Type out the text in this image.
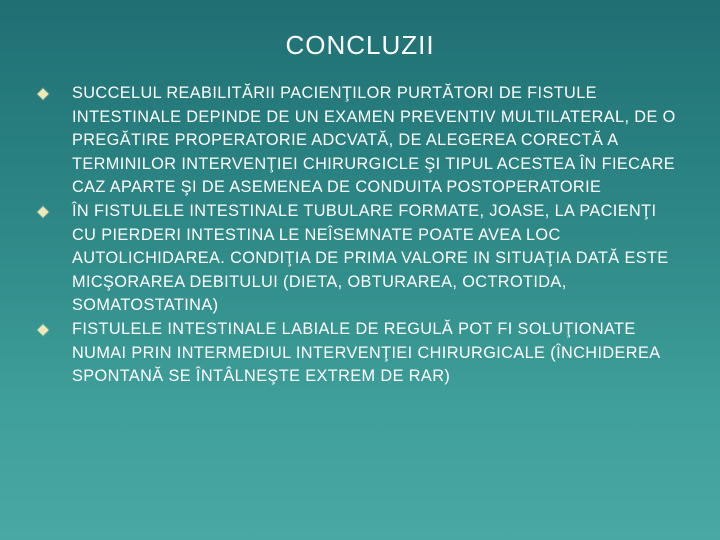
CONCLUZII
SUCCELUL REABILITĂRII PACIENŢILOR PURTĂTORI DE FISTULE INTESTINALE DEPINDE DE UN EXAMEN PREVENTIV MULTILATERAL, DE O PREGĂTIRE PROPERATORIE ADCVATĂ, DE ALEGEREA CORECTĂ A TERMINILOR INTERVENŢIEI CHIRURGICLE ŞI TIPUL ACESTEA ÎN FIECARE CAZ APARTE ŞI DE ASEMENEA DE CONDUITA POSTOPERATORIE
ÎN FISTULELE INTESTINALE TUBULARE FORMATE, JOASE, LA PACIENŢI CU PIERDERI INTESTINA LE NEÎSEMNATE POATE AVEA LOC AUTOLICHIDAREA. CONDIŢIA DE PRIMA VALORE IN SITUAŢIA DATĂ ESTE MICŞORAREA DEBITULUI (DIETA, OBTURAREA, OCTROTIDA, SOMATOSTATINA)
FISTULELE INTESTINALE LABIALE DE REGULĂ POT FI SOLUŢIONATE NUMAI PRIN INTERMEDIUL INTERVENŢIEI CHIRURGICALE (ÎNCHIDEREA SPONTANĂ SE ÎNTÂLNEŞTE EXTREM DE RAR)
